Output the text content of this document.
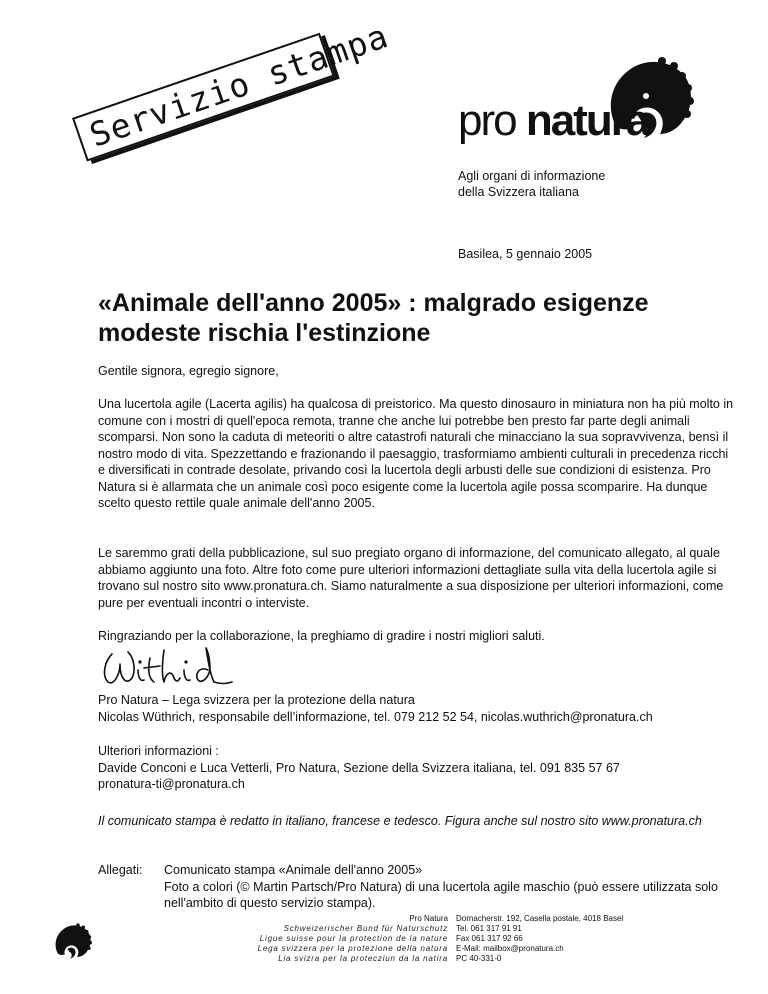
Servizio stampa pro natura
Agli organi di informazione
della Svizzera italiana
Basilea, 5 gennaio 2005
«Animale dell'anno 2005» : malgrado esigenze modeste rischia l'estinzione
Gentile signora, egregio signore,
Una lucertola agile (Lacerta agilis) ha qualcosa di preistorico. Ma questo dinosauro in miniatura non ha più molto in comune con i mostri di quell'epoca remota, tranne che anche lui potrebbe ben presto far parte degli animali scomparsi. Non sono la caduta di meteoriti o altre catastrofi naturali che minacciano la sua sopravvivenza, bensì il nostro modo di vita. Spezzettando e frazionando il paesaggio, trasformiamo ambienti culturali in precedenza ricchi e diversificati in contrade desolate, privando così la lucertola degli arbusti delle sue condizioni di esistenza. Pro Natura si è allarmata che un animale così poco esigente come la lucertola agile possa scomparire. Ha dunque scelto questo rettile quale animale dell'anno 2005.
Le saremmo grati della pubblicazione, sul suo pregiato organo di informazione, del comunicato allegato, al quale abbiamo aggiunto una foto. Altre foto come pure ulteriori informazioni dettagliate sulla vita della lucertola agile si trovano sul nostro sito www.pronatura.ch. Siamo naturalmente a sua disposizione per ulteriori informazioni, come pure per eventuali incontri o interviste.
Ringraziando per la collaborazione, la preghiamo di gradire i nostri migliori saluti.
Pro Natura – Lega svizzera per la protezione della natura
Nicolas Wüthrich, responsabile dell’informazione, tel. 079 212 52 54, nicolas.wuthrich@pronatura.ch
Ulteriori informazioni :
Davide Conconi e Luca Vetterli, Pro Natura, Sezione della Svizzera italiana, tel. 091 835 57 67
pronatura-ti@pronatura.ch
Il comunicato stampa è redatto in italiano, francese e tedesco. Figura anche sul nostro sito www.pronatura.ch
Allegati: Comunicato stampa «Animale dell'anno 2005»
Foto a colori (© Martin Partsch/Pro Natura) di una lucertola agile maschio (può essere utilizzata solo nell'ambito di questo servizio stampa).
Pro Natura
Schweizerischer Bund für Naturschutz
Ligue suisse pour la protection de la nature
Lega svizzera per la protezione della natura
Lia svizra per la protecziun da la natira
Dornacherstr. 192, Casella postale, 4018 Basel
Tel. 061 317 91 91
Fax 061 317 92 66
E-Mail: mailbox@pronatura.ch
PC 40-331-0
